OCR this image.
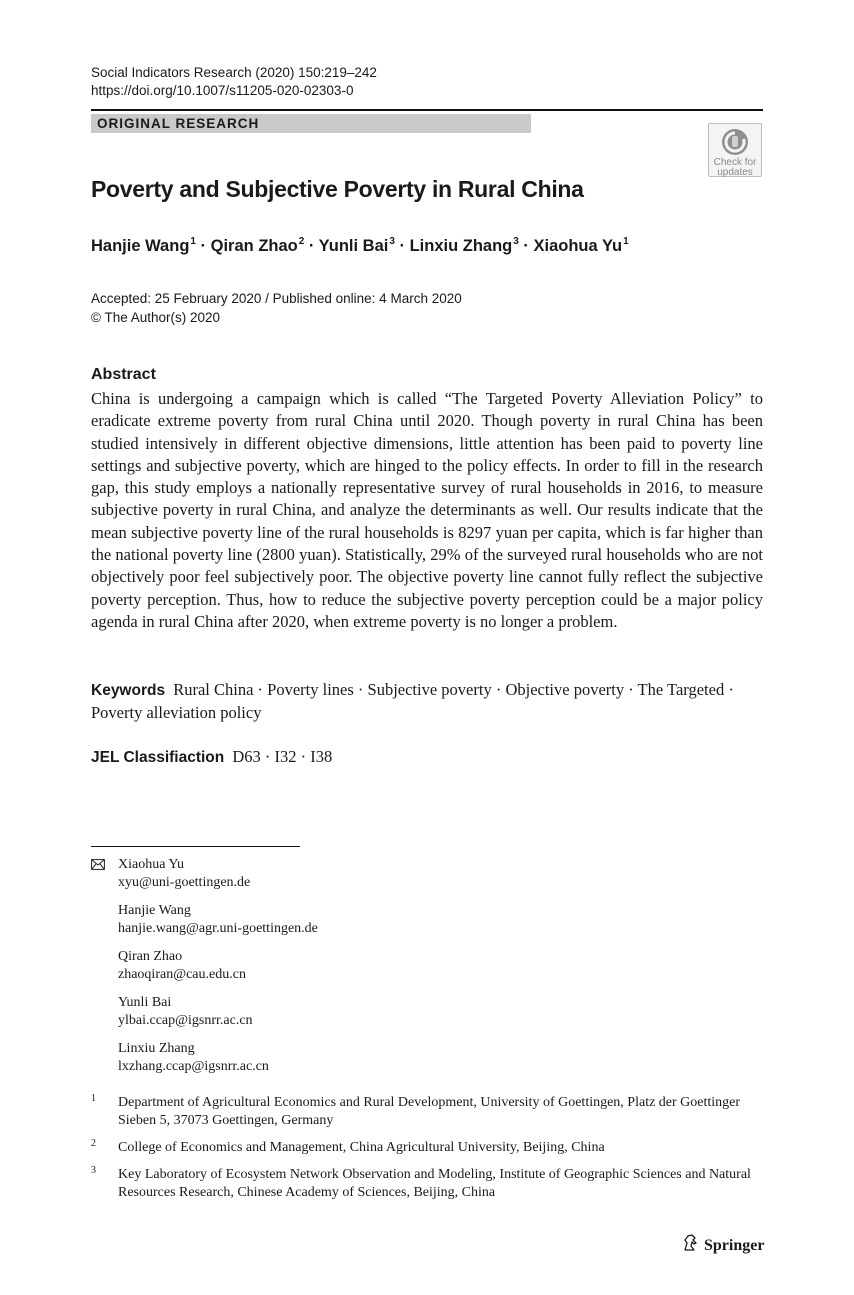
Social Indicators Research (2020) 150:219–242
https://doi.org/10.1007/s11205-020-02303-0
ORIGINAL RESEARCH
Check for
updates
Poverty and Subjective Poverty in Rural China
Hanjie Wang$^1$ · Qiran Zhao$^2$ · Yunli Bai$^3$ · Linxiu Zhang$^3$ · Xiaohua Yu$^1$
Accepted: 25 February 2020 / Published online: 4 March 2020
© The Author(s) 2020
Abstract
China is undergoing a campaign which is called “The Targeted Poverty Alleviation Policy” to eradicate extreme poverty from rural China until 2020. Though poverty in rural China has been studied intensively in different objective dimensions, little attention has been paid to poverty line settings and subjective poverty, which are hinged to the policy effects. In order to fill in the research gap, this study employs a nationally representative survey of rural households in 2016, to measure subjective poverty in rural China, and analyze the determinants as well. Our results indicate that the mean subjective poverty line of the rural households is 8297 yuan per capita, which is far higher than the national poverty line (2800 yuan). Statistically, 29% of the surveyed rural households who are not objectively poor feel subjectively poor. The objective poverty line cannot fully reflect the subjective poverty perception. Thus, how to reduce the subjective poverty perception could be a major policy agenda in rural China after 2020, when extreme poverty is no longer a problem.
Keywords Rural China · Poverty lines · Subjective poverty · Objective poverty · The Targeted · Poverty alleviation policy
JEL Classifiaction D63 · I32 · I38
Xiaohua Yu
xyu@uni-goettingen.de
Hanjie Wang
hanjie.wang@agr.uni-goettingen.de
Qiran Zhao
zhaoqiran@cau.edu.cn
Yunli Bai
ylbai.ccap@igsnrr.ac.cn
Linxiu Zhang
lxzhang.ccap@igsnrr.ac.cn
1 Department of Agricultural Economics and Rural Development, University of Goettingen, Platz der Goettinger Sieben 5, 37073 Goettingen, Germany
2 College of Economics and Management, China Agricultural University, Beijing, China
3 Key Laboratory of Ecosystem Network Observation and Modeling, Institute of Geographic Sciences and Natural Resources Research, Chinese Academy of Sciences, Beijing, China
Springer
